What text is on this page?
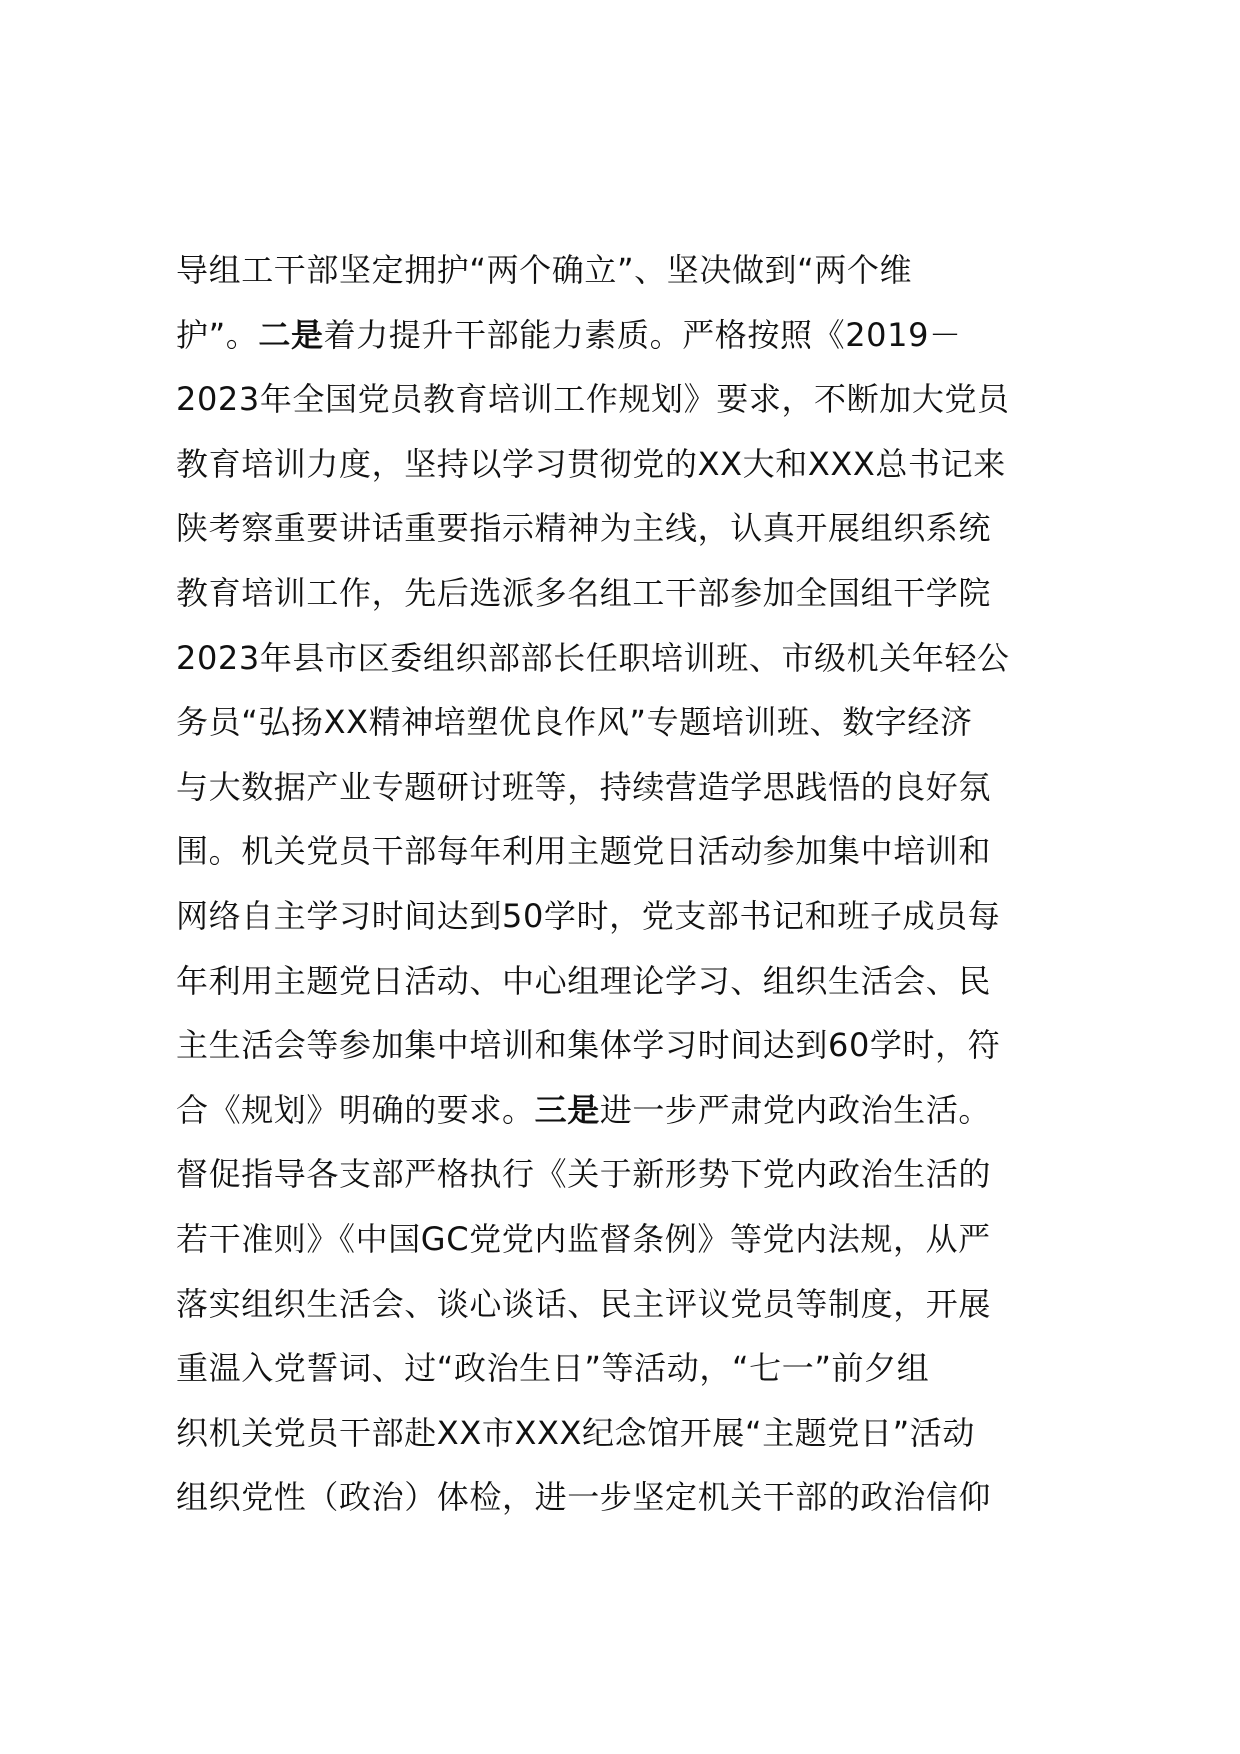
导组工干部坚定拥护“两个确立”、坚决做到“两个维
护”。二是着力提升干部能力素质。严格按照《2019－
2023年全国党员教育培训工作规划》要求，不断加大党员
教育培训力度，坚持以学习贯彻党的XX大和XXX总书记来
陕考察重要讲话重要指示精神为主线，认真开展组织系统
教育培训工作，先后选派多名组工干部参加全国组干学院
2023年县市区委组织部部长任职培训班、市级机关年轻公
务员“弘扬XX精神培塑优良作风”专题培训班、数字经济
与大数据产业专题研讨班等，持续营造学思践悟的良好氛
围。机关党员干部每年利用主题党日活动参加集中培训和
网络自主学习时间达到50学时，党支部书记和班子成员每
年利用主题党日活动、中心组理论学习、组织生活会、民
主生活会等参加集中培训和集体学习时间达到60学时，符
合《规划》明确的要求。三是进一步严肃党内政治生活。
督促指导各支部严格执行《关于新形势下党内政治生活的
若干准则》《中国GC党党内监督条例》等党内法规，从严
落实组织生活会、谈心谈话、民主评议党员等制度，开展
重温入党誓词、过“政治生日”等活动，“七一”前夕组
织机关党员干部赴XX市XXX纪念馆开展“主题党日”活动
组织党性（政治）体检，进一步坚定机关干部的政治信仰
